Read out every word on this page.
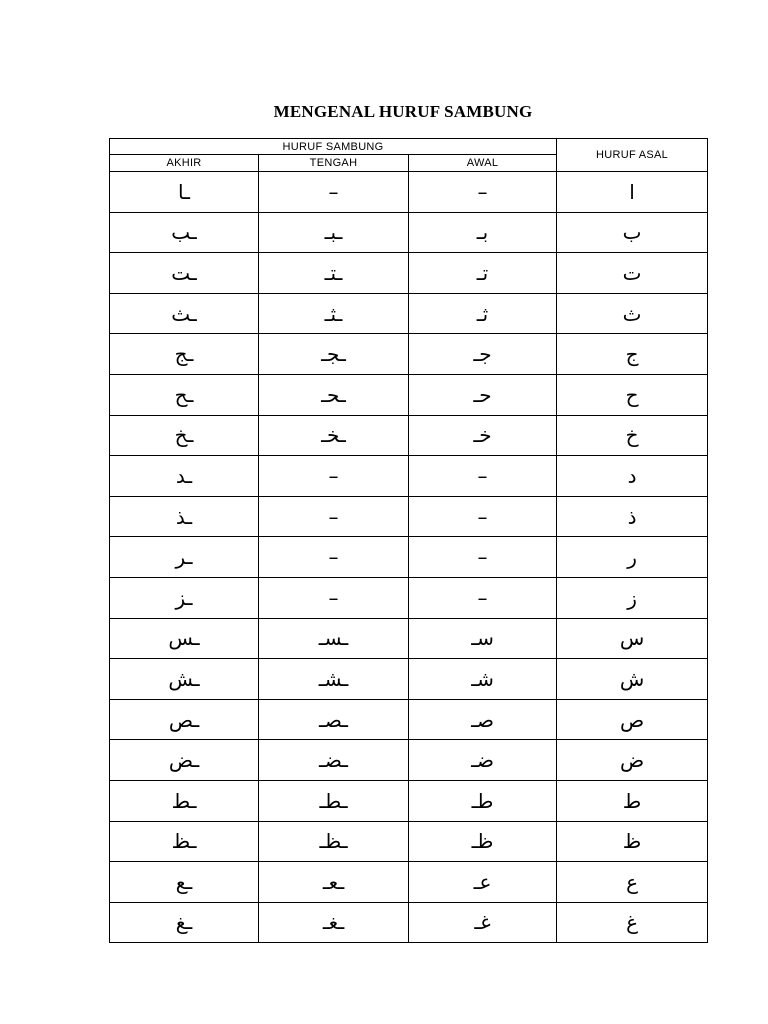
MENGENAL HURUF SAMBUNG
HURUF SAMBUNG			HURUF ASAL
AKHIR	TENGAH	AWAL	
ـا	–	–	ا
ـب	ـبـ	بـ	ب
ـت	ـتـ	تـ	ت
ـث	ـثـ	ثـ	ث
ـج	ـجـ	جـ	ج
ـح	ـحـ	حـ	ح
ـخ	ـخـ	خـ	خ
ـد	–	–	د
ـذ	–	–	ذ
ـر	–	–	ر
ـز	–	–	ز
ـس	ـسـ	سـ	س
ـش	ـشـ	شـ	ش
ـص	ـصـ	صـ	ص
ـض	ـضـ	ضـ	ض
ـط	ـطـ	طـ	ط
ـظ	ـظـ	ظـ	ظ
ـع	ـعـ	عـ	ع
ـغ	ـغـ	غـ	غ
